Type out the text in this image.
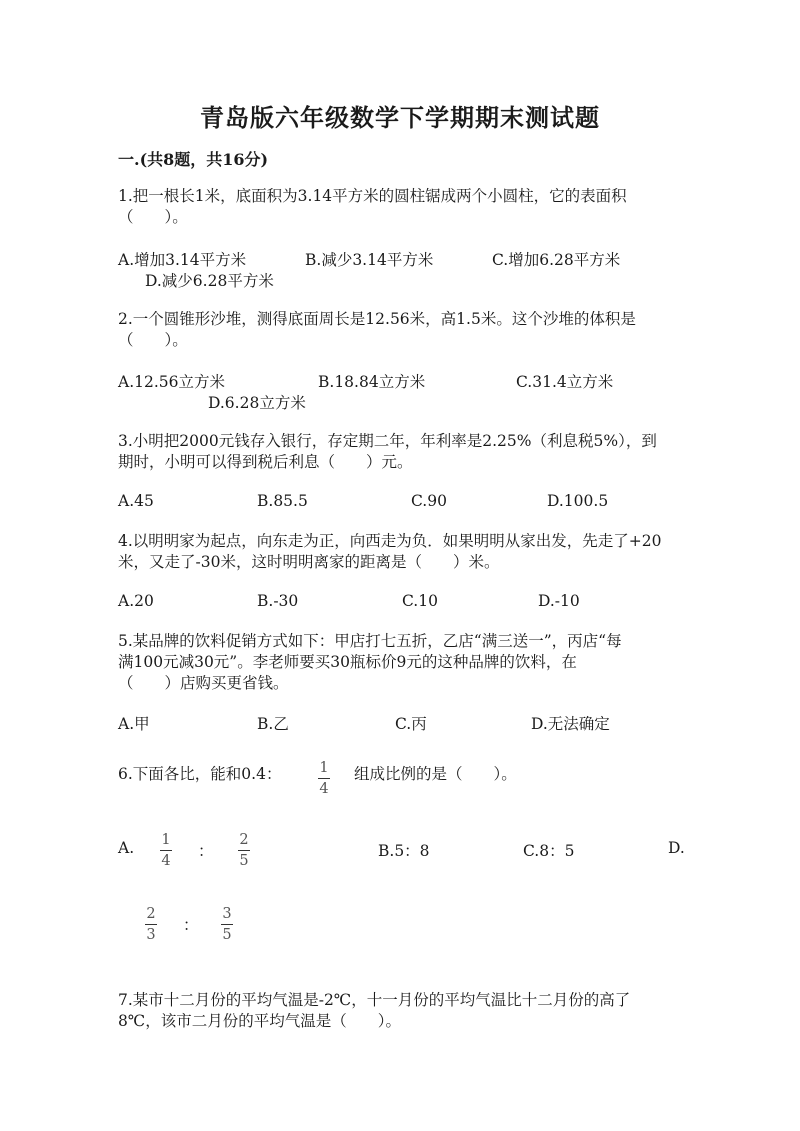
青岛版六年级数学下学期期末测试题
一.(共8题，共16分)
1.把一根长1米，底面积为3.14平方米的圆柱锯成两个小圆柱，它的表面积
（　　）。
A.增加3.14平方米	B.减少3.14平方米	C.增加6.28平方米
D.减少6.28平方米
2.一个圆锥形沙堆，测得底面周长是12.56米，高1.5米。这个沙堆的体积是
（　　）。
A.12.56立方米	B.18.84立方米	C.31.4立方米
D.6.28立方米
3.小明把2000元钱存入银行，存定期二年，年利率是2.25%（利息税5%），到
期时，小明可以得到税后利息（　　）元。
A.45	B.85.5	C.90	D.100.5
4.以明明家为起点，向东走为正，向西走为负．如果明明从家出发，先走了+20
米，又走了-30米，这时明明离家的距离是（　　）米。
A.20	B.-30	C.10	D.-10
5.某品牌的饮料促销方式如下：甲店打七五折，乙店“满三送一”，丙店“每
满100元减30元”。李老师要买30瓶标价9元的这种品牌的饮料，在
（　　）店购买更省钱。
A.甲	B.乙	C.丙	D.无法确定
6.下面各比，能和0.4：	1
4
组成比例的是（　　）。
A. 1
4
：
2
5
B.5：8	C.8：5	D.
2
3
：
3
5
7.某市十二月份的平均气温是-2℃，十一月份的平均气温比十二月份的高了
8℃，该市二月份的平均气温是（　　）。
